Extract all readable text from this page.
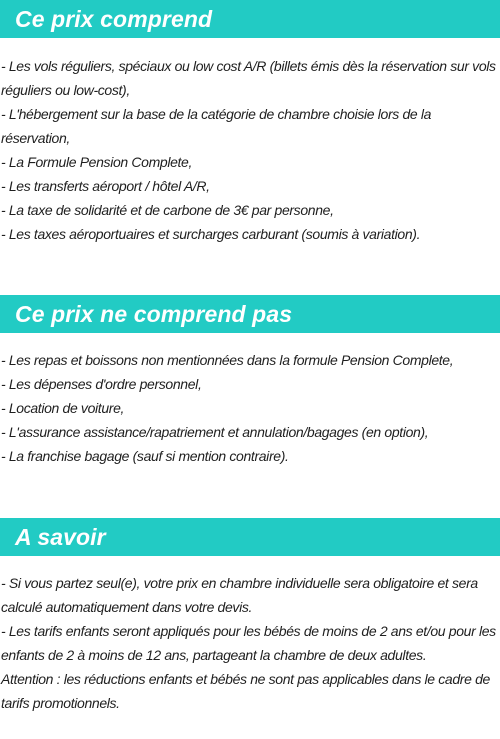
Ce prix comprend
- Les vols réguliers, spéciaux ou low cost A/R (billets émis dès la réservation sur vols réguliers ou low-cost),
- L'hébergement sur la base de la catégorie de chambre choisie lors de la réservation,
- La Formule Pension Complete,
- Les transferts aéroport / hôtel A/R,
- La taxe de solidarité et de carbone de 3€ par personne,
- Les taxes aéroportuaires et surcharges carburant (soumis à variation).
Ce prix ne comprend pas
- Les repas et boissons non mentionnées dans la formule Pension Complete,
- Les dépenses d'ordre personnel,
- Location de voiture,
- L'assurance assistance/rapatriement et annulation/bagages (en option),
- La franchise bagage (sauf si mention contraire).
A savoir
- Si vous partez seul(e), votre prix en chambre individuelle sera obligatoire et sera calculé automatiquement dans votre devis.
- Les tarifs enfants seront appliqués pour les bébés de moins de 2 ans et/ou pour les enfants de 2 à moins de 12 ans, partageant la chambre de deux adultes.
Attention : les réductions enfants et bébés ne sont pas applicables dans le cadre de tarifs promotionnels.
